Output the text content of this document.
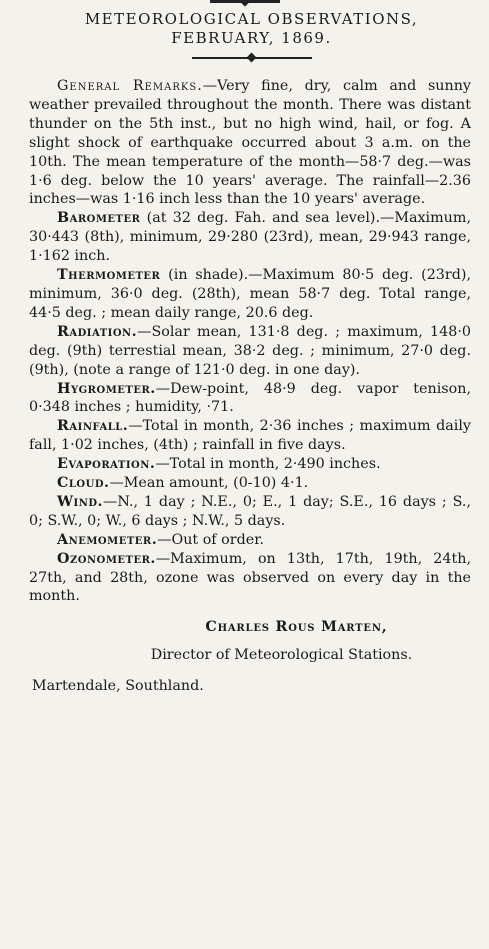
METEOROLOGICAL OBSERVATIONS,
FEBRUARY, 1869.

General Remarks.—Very fine, dry, calm and sunny weather prevailed throughout the month. There was distant thunder on the 5th inst., but no high wind, hail, or fog. A slight shock of earthquake occurred about 3 a.m. on the 10th. The mean temperature of the month—58·7 deg.—was 1·6 deg. below the 10 years' average. The rainfall—2.36 inches—was 1·16 inch less than the 10 years' average.

Barometer (at 32 deg. Fah. and sea level).—Maximum, 30·443 (8th), minimum, 29·280 (23rd), mean, 29·943 range, 1·162 inch.

Thermometer (in shade).—Maximum 80·5 deg. (23rd), minimum, 36·0 deg. (28th), mean 58·7 deg. Total range, 44·5 deg. ; mean daily range, 20.6 deg.

Radiation.—Solar mean, 131·8 deg. ; maximum, 148·0 deg. (9th) terrestial mean, 38·2 deg. ; minimum, 27·0 deg. (9th), (note a range of 121·0 deg. in one day).

Hygrometer.—Dew-point, 48·9 deg. vapor tenison, 0·348 inches ; humidity, ·71.

Rainfall.—Total in month, 2·36 inches ; maximum daily fall, 1·02 inches, (4th) ; rainfall in five days.

Evaporation.—Total in month, 2·490 inches.

Cloud.—Mean amount, (0-10) 4·1.

Wind.—N., 1 day ; N.E., 0; E., 1 day; S.E., 16 days ; S., 0; S.W., 0; W., 6 days ; N.W., 5 days.

Anemometer.—Out of order.

Ozonometer.—Maximum, on 13th, 17th, 19th, 24th, 27th, and 28th, ozone was observed on every day in the month.

Charles Rous Marten,

Director of Meteorological Stations.

Martendale, Southland.
